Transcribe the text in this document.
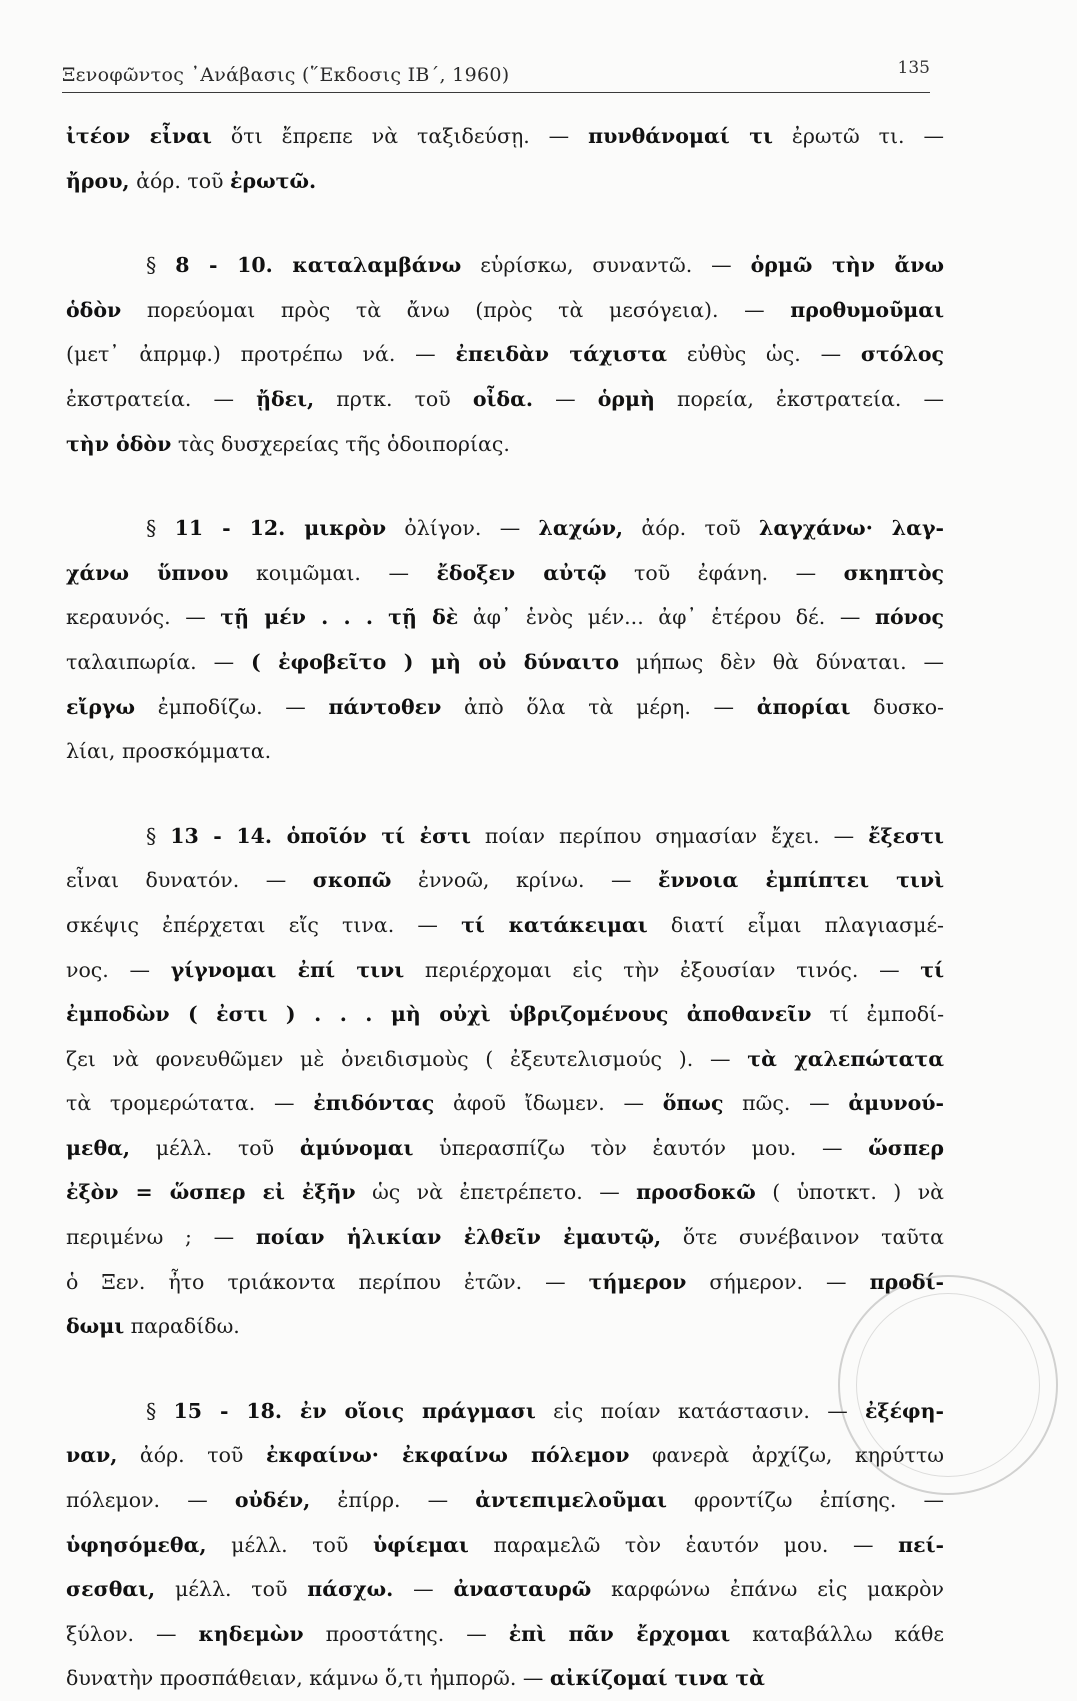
Ξενοφῶντος ᾿Ανάβασις (῞Εκδοσις ΙΒ΄, 1960)	135
ἰτέον εἶναι ὅτι ἔπρεπε νὰ ταξιδεύσῃ. — πυνθάνομαί τι ἐρωτῶ τι. —
ἤρου, ἀόρ. τοῦ ἐρωτῶ.
§ 8 - 10. καταλαμβάνω εὑρίσκω, συναντῶ. — ὁρμῶ τὴν ἄνω
ὁδὸν πορεύομαι πρὸς τὰ ἄνω (πρὸς τὰ μεσόγεια). — προθυμοῦμαι
(μετ᾿ ἀπρμφ.) προτρέπω νά. — ἐπειδὰν τάχιστα εὐθὺς ὡς. — στόλος
ἐκστρατεία. — ᾔδει, πρτκ. τοῦ οἶδα. — ὁρμὴ πορεία, ἐκστρατεία. —
τὴν ὁδὸν τὰς δυσχερείας τῆς ὁδοιπορίας.
§ 11 - 12. μικρὸν ὀλίγον. — λαχών, ἀόρ. τοῦ λαγχάνω· λαγ-
χάνω ὕπνου κοιμῶμαι. — ἔδοξεν αὐτῷ τοῦ ἐφάνη. — σκηπτὸς
κεραυνός. — τῇ μέν . . . τῇ δὲ ἀφ᾿ ἑνὸς μέν... ἀφ᾿ ἑτέρου δέ. — πόνος
ταλαιπωρία. — ( ἐφοβεῖτο ) μὴ οὐ δύναιτο μήπως δὲν θὰ δύναται. —
εἴργω ἐμποδίζω. — πάντοθεν ἀπὸ ὅλα τὰ μέρη. — ἀπορίαι δυσκο-
λίαι, προσκόμματα.
§ 13 - 14. ὁποῖόν τί ἐστι ποίαν περίπου σημασίαν ἔχει. — ἔξεστι
εἶναι δυνατόν. — σκοπῶ ἐννοῶ, κρίνω. — ἔννοια ἐμπίπτει τινὶ
σκέψις ἐπέρχεται εἴς τινα. — τί κατάκειμαι διατί εἶμαι πλαγιασμέ-
νος. — γίγνομαι ἐπί τινι περιέρχομαι εἰς τὴν ἐξουσίαν τινός. — τί
ἐμποδὼν ( ἐστι ) . . . μὴ οὐχὶ ὑβριζομένους ἀποθανεῖν τί ἐμποδί-
ζει νὰ φονευθῶμεν μὲ ὀνειδισμοὺς ( ἐξευτελισμούς ). — τὰ χαλεπώτατα
τὰ τρομερώτατα. — ἐπιδόντας ἀφοῦ ἴδωμεν. — ὅπως πῶς. — ἀμυνού-
μεθα, μέλλ. τοῦ ἀμύνομαι ὑπερασπίζω τὸν ἑαυτόν μου. — ὥσπερ
ἐξὸν = ὥσπερ εἰ ἐξῆν ὡς νὰ ἐπετρέπετο. — προσδοκῶ ( ὑποτκτ. ) νὰ
περιμένω ; — ποίαν ἡλικίαν ἐλθεῖν ἐμαυτῷ, ὅτε συνέβαινον ταῦτα
ὁ Ξεν. ἦτο τριάκοντα περίπου ἐτῶν. — τήμερον σήμερον. — προδί-
δωμι παραδίδω.
§ 15 - 18. ἐν οἵοις πράγμασι εἰς ποίαν κατάστασιν. — ἐξέφη-
ναν, ἀόρ. τοῦ ἐκφαίνω· ἐκφαίνω πόλεμον φανερὰ ἀρχίζω, κηρύττω
πόλεμον. — οὐδέν, ἐπίρρ. — ἀντεπιμελοῦμαι φροντίζω ἐπίσης. —
ὑφησόμεθα, μέλλ. τοῦ ὑφίεμαι παραμελῶ τὸν ἑαυτόν μου. — πεί-
σεσθαι, μέλλ. τοῦ πάσχω. — ἀνασταυρῶ καρφώνω ἐπάνω εἰς μακρὸν
ξύλον. — κηδεμὼν προστάτης. — ἐπὶ πᾶν ἔρχομαι καταβάλλω κάθε
δυνατὴν προσπάθειαν, κάμνω ὅ,τι ἠμπορῶ. — αἰκίζομαί τινα τὰ
